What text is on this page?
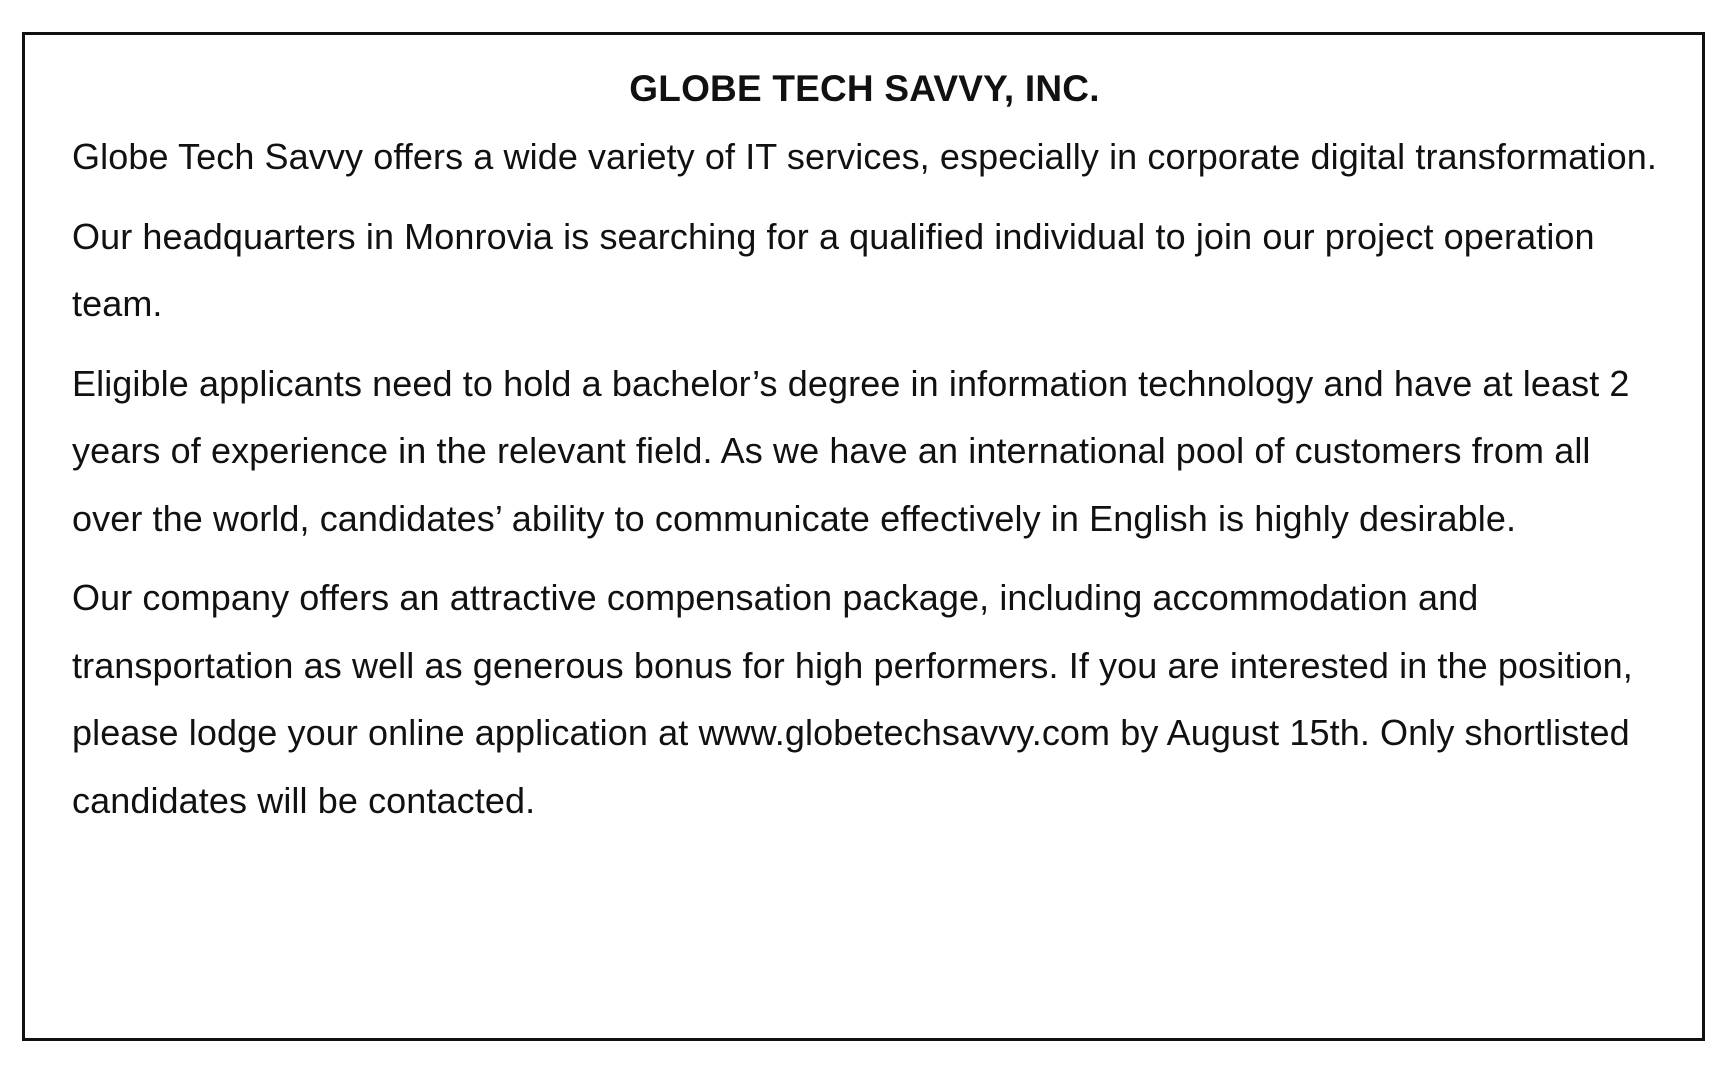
GLOBE TECH SAVVY, INC.

Globe Tech Savvy offers a wide variety of IT services, especially in corporate digital transformation.

Our headquarters in Monrovia is searching for a qualified individual to join our project operation team.

Eligible applicants need to hold a bachelor’s degree in information technology and have at least 2 years of experience in the relevant field. As we have an international pool of customers from all over the world, candidates’ ability to communicate effectively in English is highly desirable.

Our company offers an attractive compensation package, including accommodation and transportation as well as generous bonus for high performers. If you are interested in the position, please lodge your online application at www.globetechsavvy.com by August 15th. Only shortlisted candidates will be contacted.
